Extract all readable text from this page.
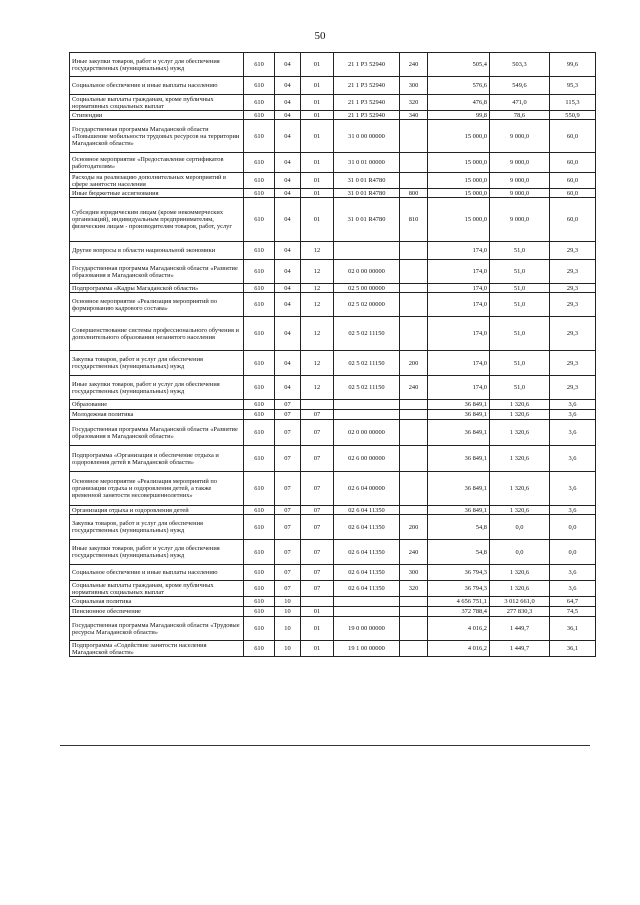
50
Иные закупки товаров, работ и услуг для обеспечения государственных (муниципальных) нужд	610	04	01	21 1 Р3 52940	240	505,4	503,3	99,6
Социальное обеспечение и иные выплаты населению	610	04	01	21 1 Р3 52940	300	576,6	549,6	95,3
Социальные выплаты гражданам, кроме публичных нормативных социальных выплат	610	04	01	21 1 Р3 52940	320	476,8	471,0	115,3
Стипендии	610	04	01	21 1 Р3 52940	340	99,8	78,6	550,9
Государственная программа Магаданской области «Повышение мобильности трудовых ресурсов на территории Магаданской области»	610	04	01	31 0 00 00000		15 000,0	9 000,0	60,0
Основное мероприятие «Предоставление сертификатов работодателям»	610	04	01	31 0 01 00000		15 000,0	9 000,0	60,0
Расходы на реализацию дополнительных мероприятий в сфере занятости населения	610	04	01	31 0 01 R4780		15 000,0	9 000,0	60,0
Иные бюджетные ассигнования	610	04	01	31 0 01 R4780	800	15 000,0	9 000,0	60,0
Субсидии юридическим лицам (кроме некоммерческих организаций), индивидуальным предпринимателям, физическим лицам - производителям товаров, работ, услуг	610	04	01	31 0 01 R4780	810	15 000,0	9 000,0	60,0
Другие вопросы в области национальной экономики	610	04	12			174,0	51,0	29,3
Государственная программа Магаданской области «Развитие образования в Магаданской области»	610	04	12	02 0 00 00000		174,0	51,0	29,3
Подпрограмма «Кадры Магаданской области»	610	04	12	02 5 00 00000		174,0	51,0	29,3
Основное мероприятие «Реализация мероприятий по формированию кадрового состава»	610	04	12	02 5 02 00000		174,0	51,0	29,3
Совершенствование системы профессионального обучения и дополнительного образования незанятого населения	610	04	12	02 5 02 11150		174,0	51,0	29,3
Закупка товаров, работ и услуг для обеспечения государственных (муниципальных) нужд	610	04	12	02 5 02 11150	200	174,0	51,0	29,3
Иные закупки товаров, работ и услуг для обеспечения государственных (муниципальных) нужд	610	04	12	02 5 02 11150	240	174,0	51,0	29,3
Образование	610	07				36 849,1	1 320,6	3,6
Молодежная политика	610	07	07			36 849,1	1 320,6	3,6
Государственная программа Магаданской области «Развитие образования в Магаданской области»	610	07	07	02 0 00 00000		36 849,1	1 320,6	3,6
Подпрограмма «Организация и обеспечение отдыха и оздоровления детей в Магаданской области»	610	07	07	02 6 00 00000		36 849,1	1 320,6	3,6
Основное мероприятие «Реализация мероприятий по организации отдыха и оздоровления детей, а также временной занятости несовершеннолетних»	610	07	07	02 6 04 00000		36 849,1	1 320,6	3,6
Организация отдыха и оздоровления детей	610	07	07	02 6 04 11350		36 849,1	1 320,6	3,6
Закупка товаров, работ и услуг для обеспечения государственных (муниципальных) нужд	610	07	07	02 6 04 11350	200	54,8	0,0	0,0
Иные закупки товаров, работ и услуг для обеспечения государственных (муниципальных) нужд	610	07	07	02 6 04 11350	240	54,8	0,0	0,0
Социальное обеспечение и иные выплаты населению	610	07	07	02 6 04 11350	300	36 794,3	1 320,6	3,6
Социальные выплаты гражданам, кроме публичных нормативных социальных выплат	610	07	07	02 6 04 11350	320	36 794,3	1 320,6	3,6
Социальная политика	610	10				4 656 751,1	3 012 661,0	64,7
Пенсионное обеспечение	610	10	01			372 788,4	277 830,3	74,5
Государственная программа Магаданской области «Трудовые ресурсы Магаданской области»	610	10	01	19 0 00 00000		4 016,2	1 449,7	36,1
Подпрограмма «Содействие занятости населения Магаданской области»	610	10	01	19 1 00 00000		4 016,2	1 449,7	36,1
